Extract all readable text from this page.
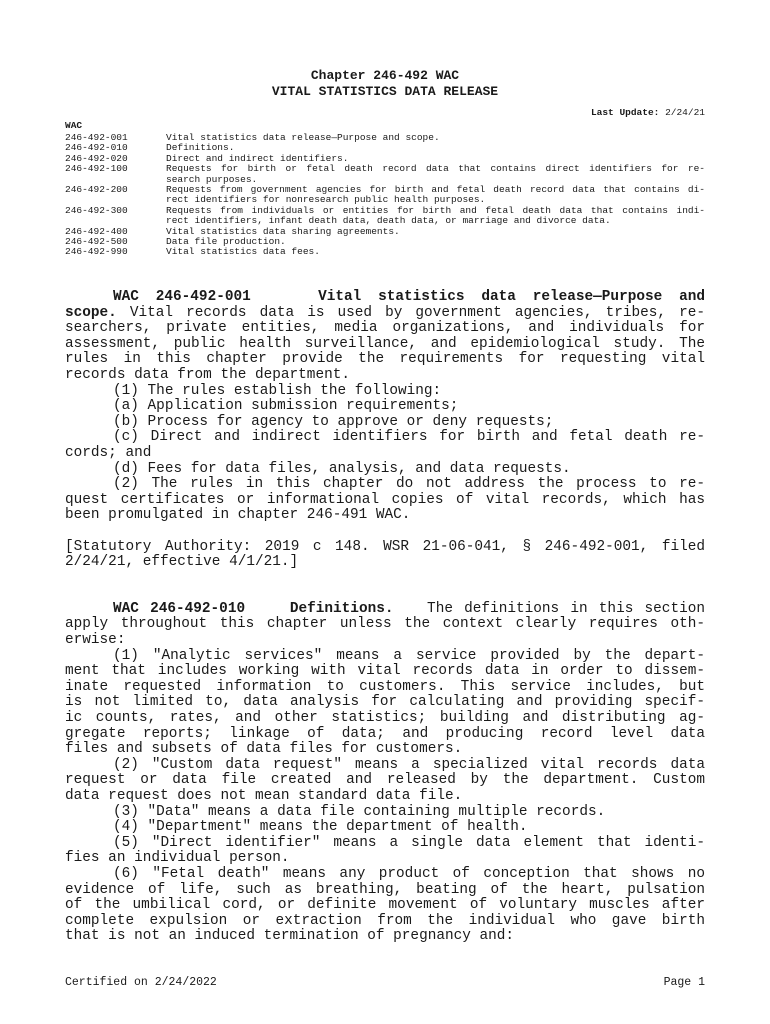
Chapter 246-492 WAC
VITAL STATISTICS DATA RELEASE
Last Update: 2/24/21
WAC
246-492-001	Vital statistics data release—Purpose and scope.
246-492-010	Definitions.
246-492-020	Direct and indirect identifiers.
246-492-100	Requests for birth or fetal death record data that contains direct identifiers for re-
search purposes.
246-492-200	Requests from government agencies for birth and fetal death record data that contains di-
rect identifiers for nonresearch public health purposes.
246-492-300	Requests from individuals or entities for birth and fetal death data that contains indi-
rect identifiers, infant death data, death data, or marriage and divorce data.
246-492-400	Vital statistics data sharing agreements.
246-492-500	Data file production.
246-492-990	Vital statistics data fees.
WAC 246-492-001    Vital statistics data release—Purpose and
scope. Vital records data is used by government agencies, tribes, re-
searchers, private entities, media organizations, and individuals for
assessment, public health surveillance, and epidemiological study. The
rules in this chapter provide the requirements for requesting vital
records data from the department.
(1) The rules establish the following:
(a) Application submission requirements;
(b) Process for agency to approve or deny requests;
(c) Direct and indirect identifiers for birth and fetal death re-
cords; and
(d) Fees for data files, analysis, and data requests.
(2) The rules in this chapter do not address the process to re-
quest certificates or informational copies of vital records, which has
been promulgated in chapter 246-491 WAC.
[Statutory Authority: 2019 c 148. WSR 21-06-041, § 246-492-001, filed
2/24/21, effective 4/1/21.]
WAC 246-492-010    Definitions.   The definitions in this section
apply throughout this chapter unless the context clearly requires oth-
erwise:
(1) "Analytic services" means a service provided by the depart-
ment that includes working with vital records data in order to dissem-
inate requested information to customers. This service includes, but
is not limited to, data analysis for calculating and providing specif-
ic counts, rates, and other statistics; building and distributing ag-
gregate reports; linkage of data; and producing record level data
files and subsets of data files for customers.
(2) "Custom data request" means a specialized vital records data
request or data file created and released by the department. Custom
data request does not mean standard data file.
(3) "Data" means a data file containing multiple records.
(4) "Department" means the department of health.
(5) "Direct identifier" means a single data element that identi-
fies an individual person.
(6) "Fetal death" means any product of conception that shows no
evidence of life, such as breathing, beating of the heart, pulsation
of the umbilical cord, or definite movement of voluntary muscles after
complete expulsion or extraction from the individual who gave birth
that is not an induced termination of pregnancy and:
Certified on 2/24/2022	Page 1
